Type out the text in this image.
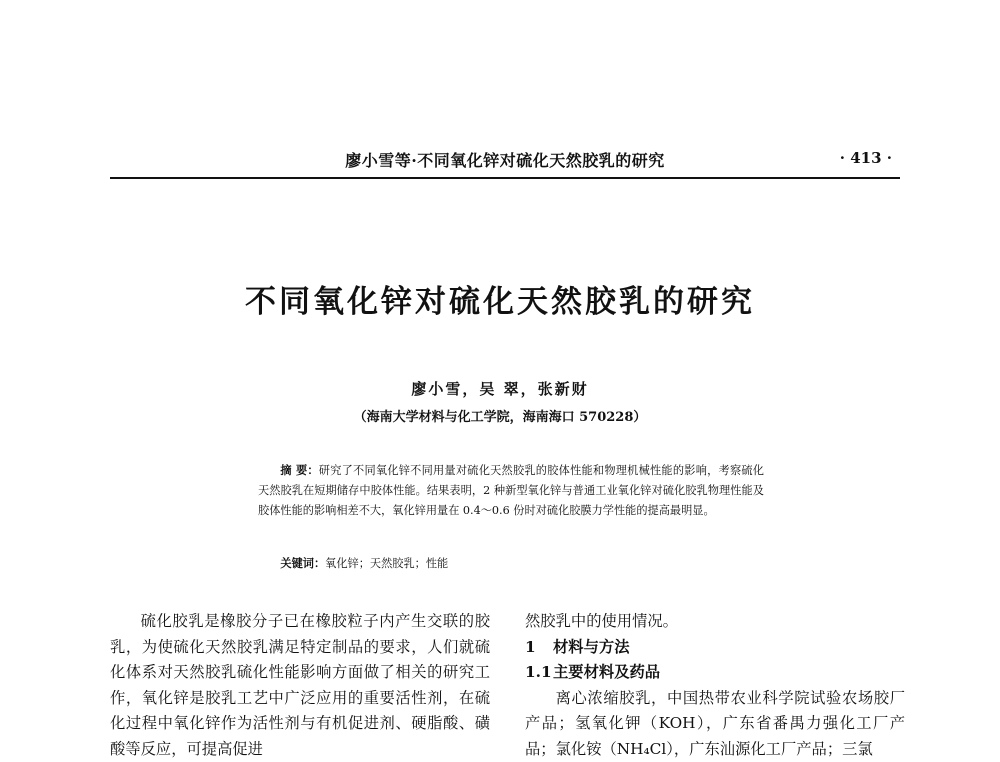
廖小雪等·不同氧化锌对硫化天然胶乳的研究	· 413 ·
不同氧化锌对硫化天然胶乳的研究
廖小雪，吴 翠，张新财
（海南大学材料与化工学院，海南海口 570228）

摘 要：研究了不同氧化锌不同用量对硫化天然胶乳的胶体性能和物理机械性能的影响，考察硫化天然胶乳在短期储存中胶体性能。结果表明，2 种新型氧化锌与普通工业氧化锌对硫化胶乳物理性能及胶体性能的影响相差不大，氧化锌用量在 0.4～0.6 份时对硫化胶膜力学性能的提高最明显。

关键词：氧化锌；天然胶乳；性能

硫化胶乳是橡胶分子已在橡胶粒子内产生交联的胶乳，为使硫化天然胶乳满足特定制品的要求，人们就硫化体系对天然胶乳硫化性能影响方面做了相关的研究工作，氧化锌是胶乳工艺中广泛应用的重要活性剂，在硫化过程中氧化锌作为活性剂与有机促进剂、硬脂酸、磺酸等反应，可提高促进

然胶乳中的使用情况。
1 材料与方法
1.1主要材料及药品

离心浓缩胶乳，中国热带农业科学院试验农场胶厂产品；氢氧化钾（KOH），广东省番禺力强化工厂产品；氯化铵（NH₄Cl），广东汕源化工厂产品；三氯
